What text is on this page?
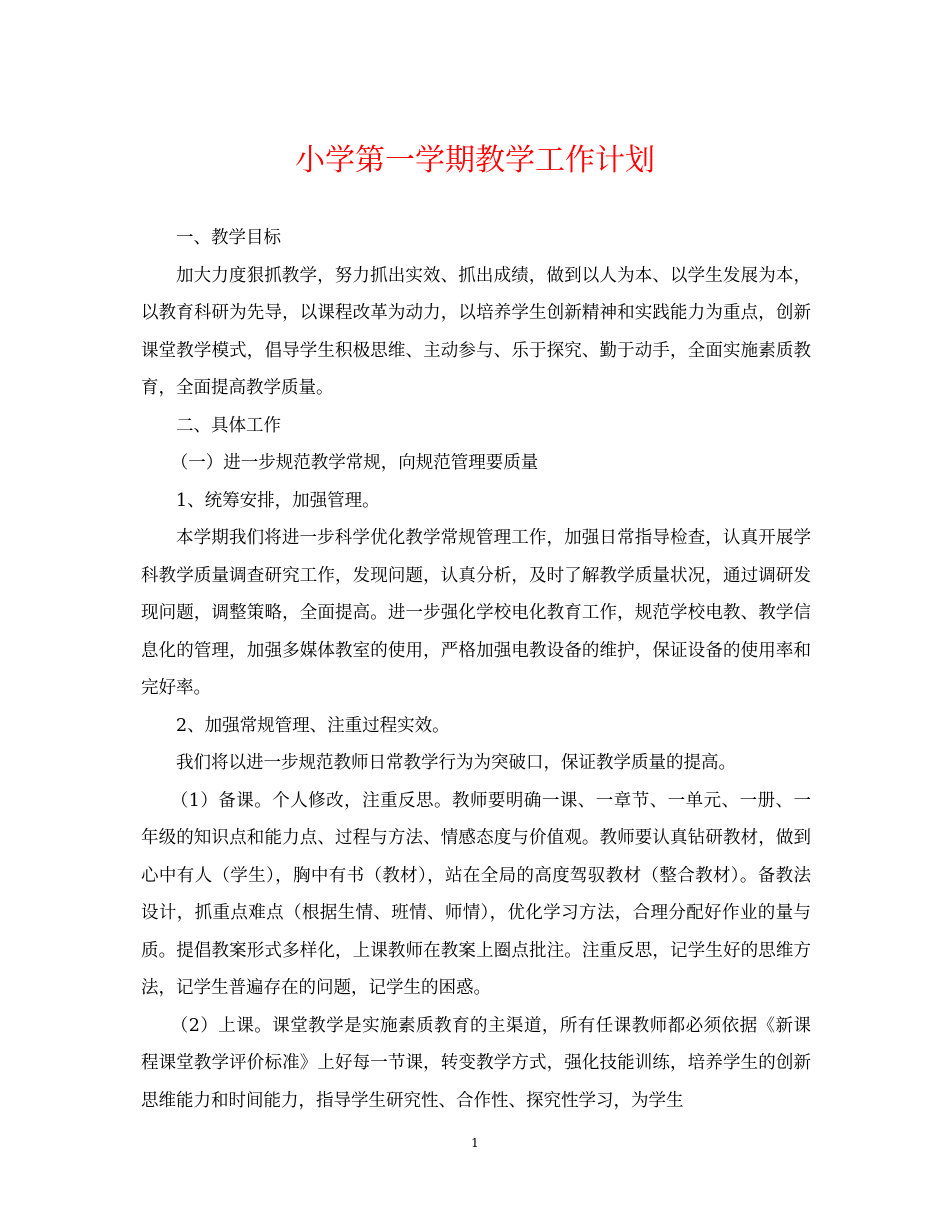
小学第一学期教学工作计划

一、教学目标

加大力度狠抓教学，努力抓出实效、抓出成绩，做到以人为本、以学生发展为本，以教育科研为先导，以课程改革为动力，以培养学生创新精神和实践能力为重点，创新课堂教学模式，倡导学生积极思维、主动参与、乐于探究、勤于动手，全面实施素质教育，全面提高教学质量。

二、具体工作

（一）进一步规范教学常规，向规范管理要质量

1、统筹安排，加强管理。

本学期我们将进一步科学优化教学常规管理工作，加强日常指导检查，认真开展学科教学质量调查研究工作，发现问题，认真分析，及时了解教学质量状况，通过调研发现问题，调整策略，全面提高。进一步强化学校电化教育工作，规范学校电教、教学信息化的管理，加强多媒体教室的使用，严格加强电教设备的维护，保证设备的使用率和完好率。

2、加强常规管理、注重过程实效。

我们将以进一步规范教师日常教学行为为突破口，保证教学质量的提高。

（1）备课。个人修改，注重反思。教师要明确一课、一章节、一单元、一册、一年级的知识点和能力点、过程与方法、情感态度与价值观。教师要认真钻研教材，做到心中有人（学生），胸中有书（教材），站在全局的高度驾驭教材（整合教材）。备教法设计，抓重点难点（根据生情、班情、师情），优化学习方法，合理分配好作业的量与质。提倡教案形式多样化，上课教师在教案上圈点批注。注重反思，记学生好的思维方法，记学生普遍存在的问题，记学生的困惑。

（2）上课。课堂教学是实施素质教育的主渠道，所有任课教师都必须依据《新课程课堂教学评价标准》上好每一节课，转变教学方式，强化技能训练，培养学生的创新思维能力和时间能力，指导学生研究性、合作性、探究性学习，为学生

1
